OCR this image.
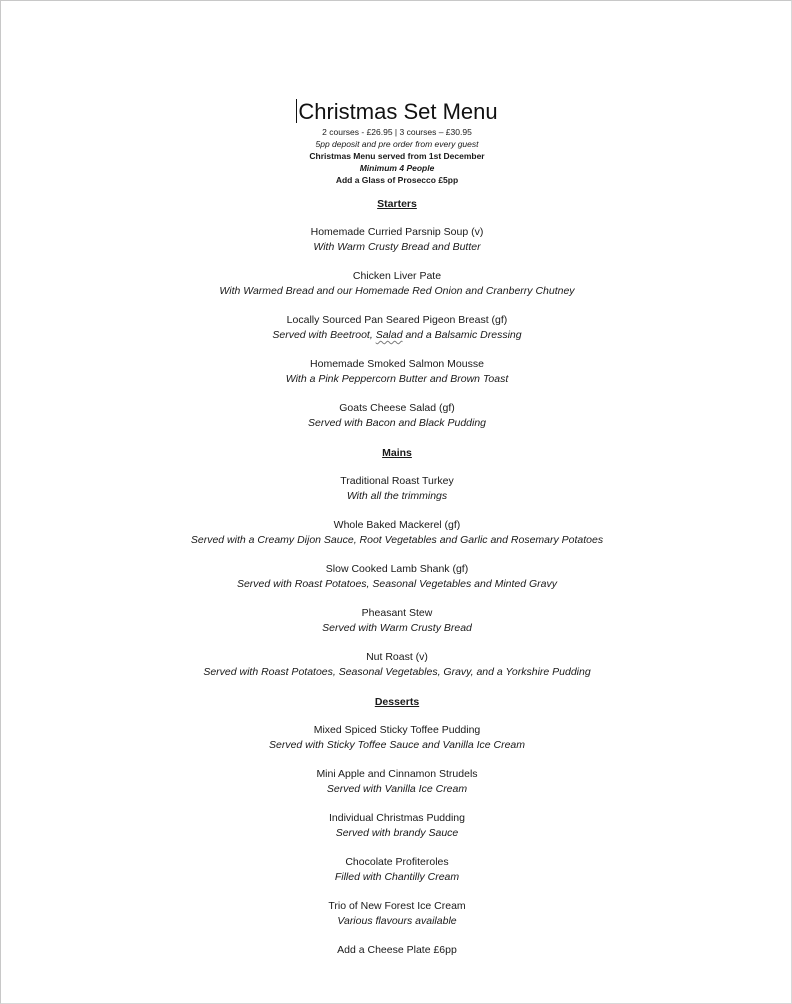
Christmas Set Menu
2 courses - £26.95 | 3 courses – £30.95
5pp deposit and pre order from every guest
Christmas Menu served from 1st December
Minimum 4 People
Add a Glass of Prosecco £5pp
Starters
Homemade Curried Parsnip Soup (v)
With Warm Crusty Bread and Butter
Chicken Liver Pate
With Warmed Bread and our Homemade Red Onion and Cranberry Chutney
Locally Sourced Pan Seared Pigeon Breast (gf)
Served with Beetroot, Salad and a Balsamic Dressing
Homemade Smoked Salmon Mousse
With a Pink Peppercorn Butter and Brown Toast
Goats Cheese Salad (gf)
Served with Bacon and Black Pudding
Mains
Traditional Roast Turkey
With all the trimmings
Whole Baked Mackerel (gf)
Served with a Creamy Dijon Sauce, Root Vegetables and Garlic and Rosemary Potatoes
Slow Cooked Lamb Shank (gf)
Served with Roast Potatoes, Seasonal Vegetables and Minted Gravy
Pheasant Stew
Served with Warm Crusty Bread
Nut Roast (v)
Served with Roast Potatoes, Seasonal Vegetables, Gravy, and a Yorkshire Pudding
Desserts
Mixed Spiced Sticky Toffee Pudding
Served with Sticky Toffee Sauce and Vanilla Ice Cream
Mini Apple and Cinnamon Strudels
Served with Vanilla Ice Cream
Individual Christmas Pudding
Served with brandy Sauce
Chocolate Profiteroles
Filled with Chantilly Cream
Trio of New Forest Ice Cream
Various flavours available
Add a Cheese Plate £6pp
